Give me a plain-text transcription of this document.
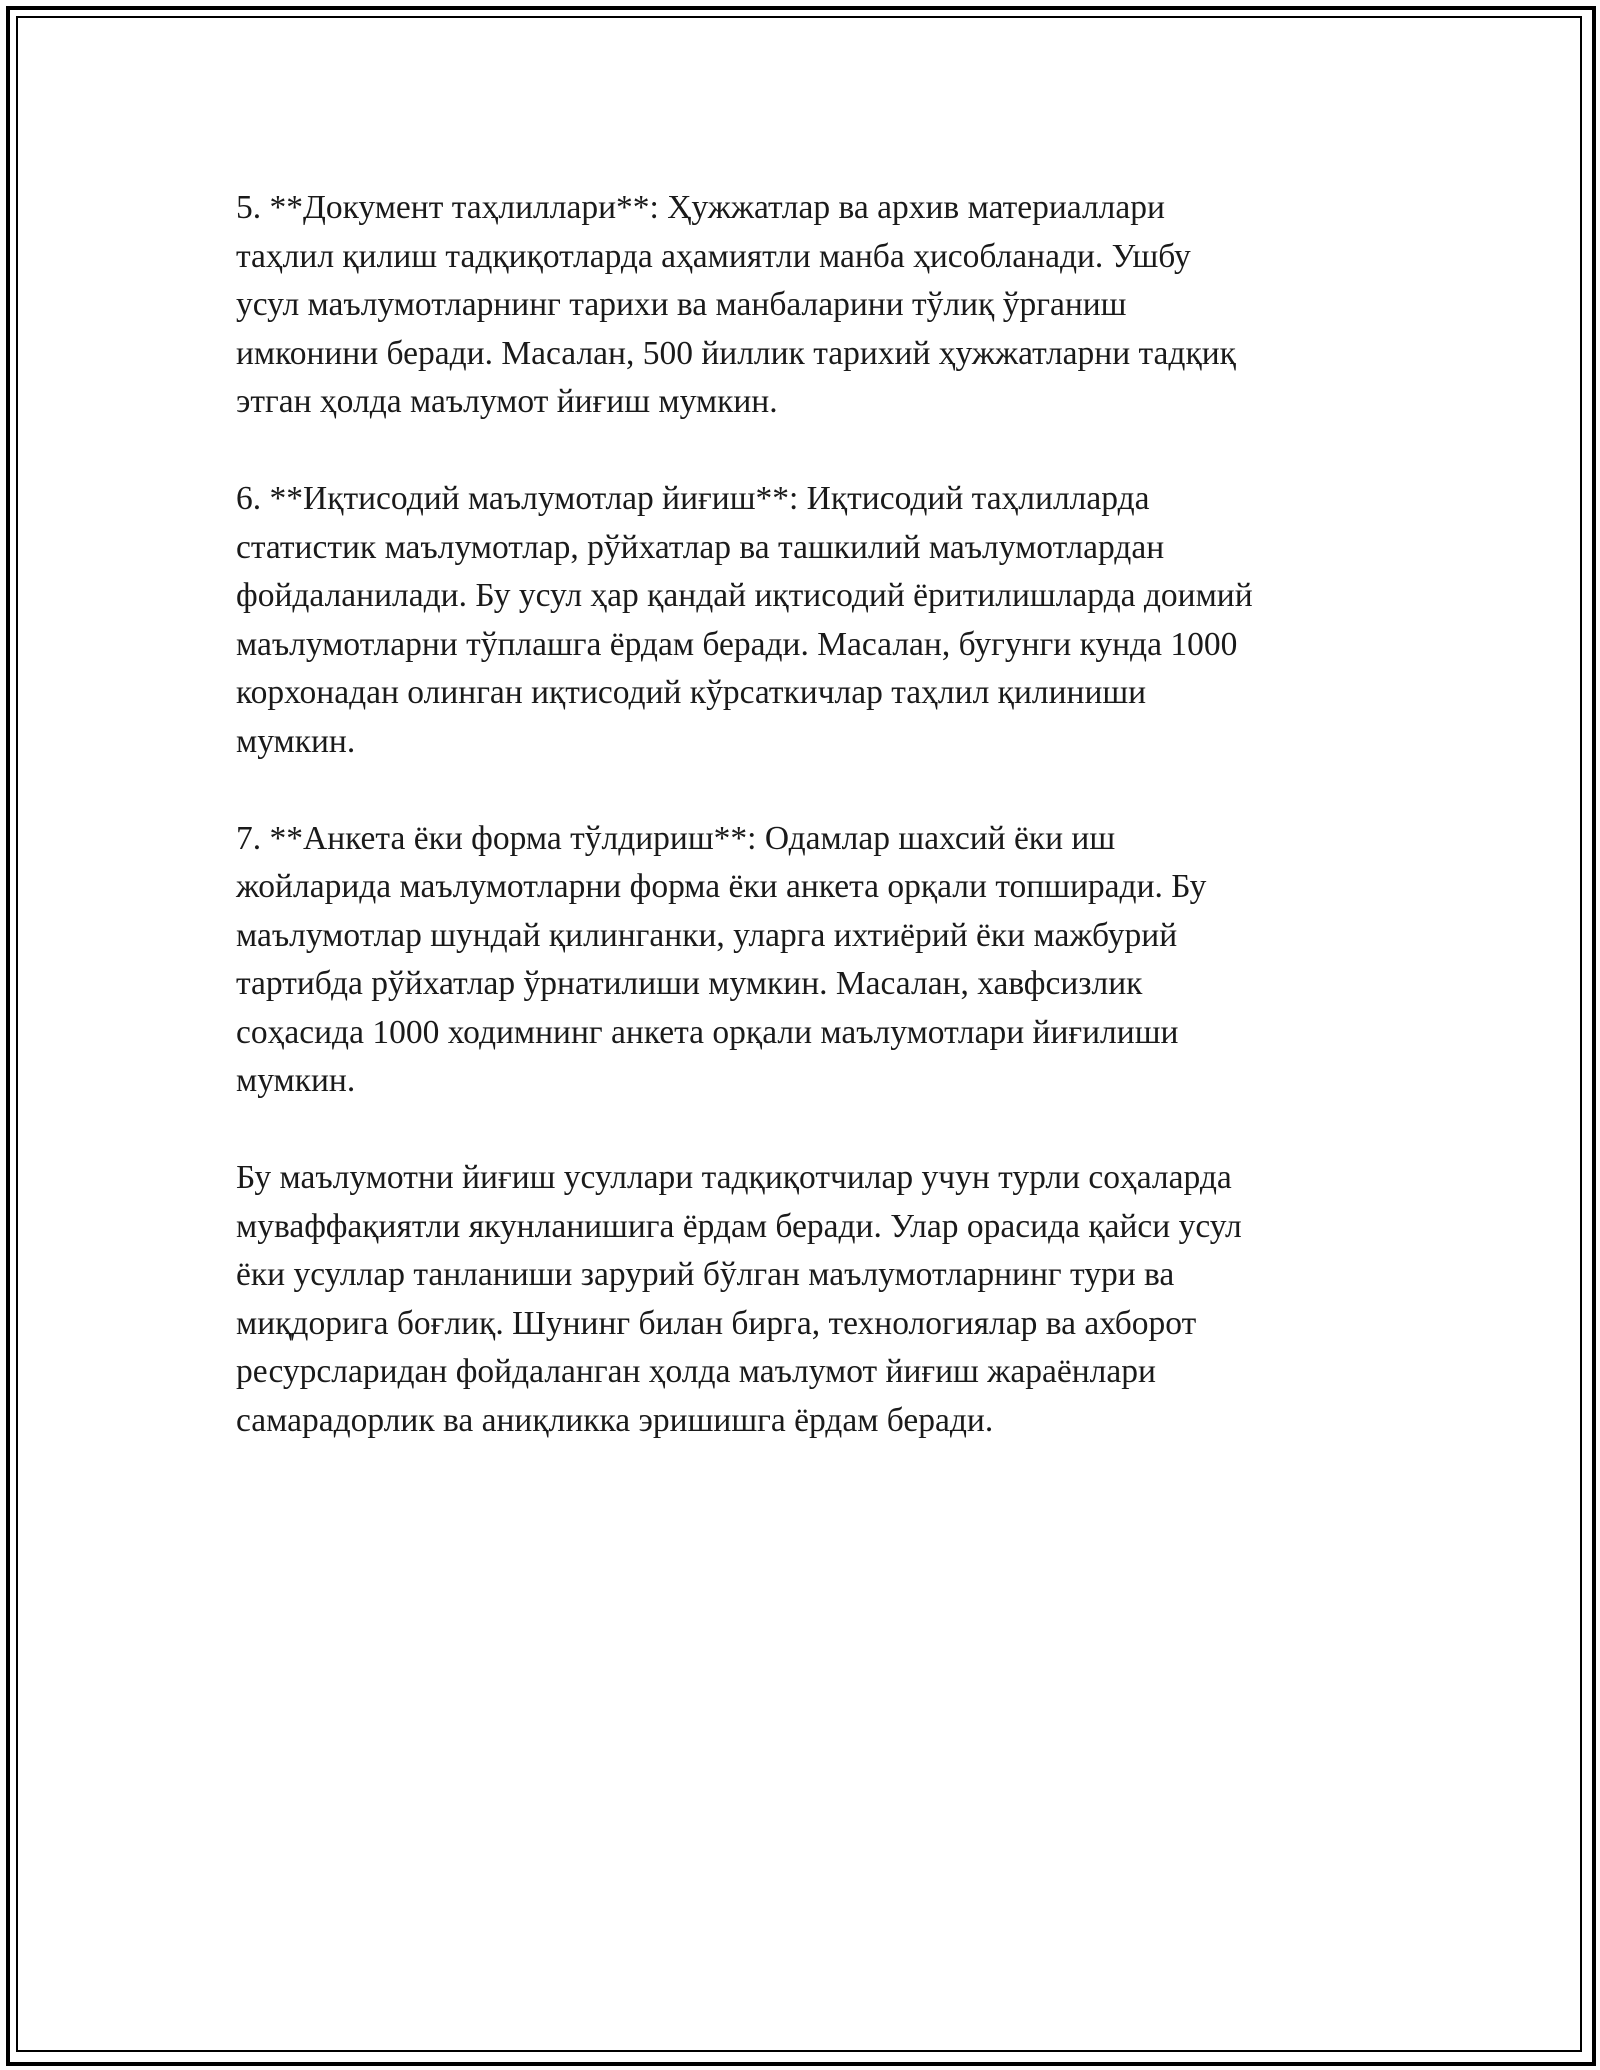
5. **Документ таҳлиллари**: Ҳужжатлар ва архив материаллари
таҳлил қилиш тадқиқотларда аҳамиятли манба ҳисобланади. Ушбу
усул маълумотларнинг тарихи ва манбаларини тўлиқ ўрганиш
имконини беради. Масалан, 500 йиллик тарихий ҳужжатларни тадқиқ
этган ҳолда маълумот йиғиш мумкин.

6. **Иқтисодий маълумотлар йиғиш**: Иқтисодий таҳлилларда
статистик маълумотлар, рўйхатлар ва ташкилий маълумотлардан
фойдаланилади. Бу усул ҳар қандай иқтисодий ёритилишларда доимий
маълумотларни тўплашга ёрдам беради. Масалан, бугунги кунда 1000
корхонадан олинган иқтисодий кўрсаткичлар таҳлил қилиниши
мумкин.

7. **Анкета ёки форма тўлдириш**: Одамлар шахсий ёки иш
жойларида маълумотларни форма ёки анкета орқали топширади. Бу
маълумотлар шундай қилинганки, уларга ихтиёрий ёки мажбурий
тартибда рўйхатлар ўрнатилиши мумкин. Масалан, хавфсизлик
соҳасида 1000 ходимнинг анкета орқали маълумотлари йиғилиши
мумкин.

Бу маълумотни йиғиш усуллари тадқиқотчилар учун турли соҳаларда
муваффақиятли якунланишига ёрдам беради. Улар орасида қайси усул
ёки усуллар танланиши зарурий бўлган маълумотларнинг тури ва
миқдорига боғлиқ. Шунинг билан бирга, технологиялар ва ахборот
ресурсларидан фойдаланган ҳолда маълумот йиғиш жараёнлари
самарадорлик ва аниқликка эришишга ёрдам беради.
